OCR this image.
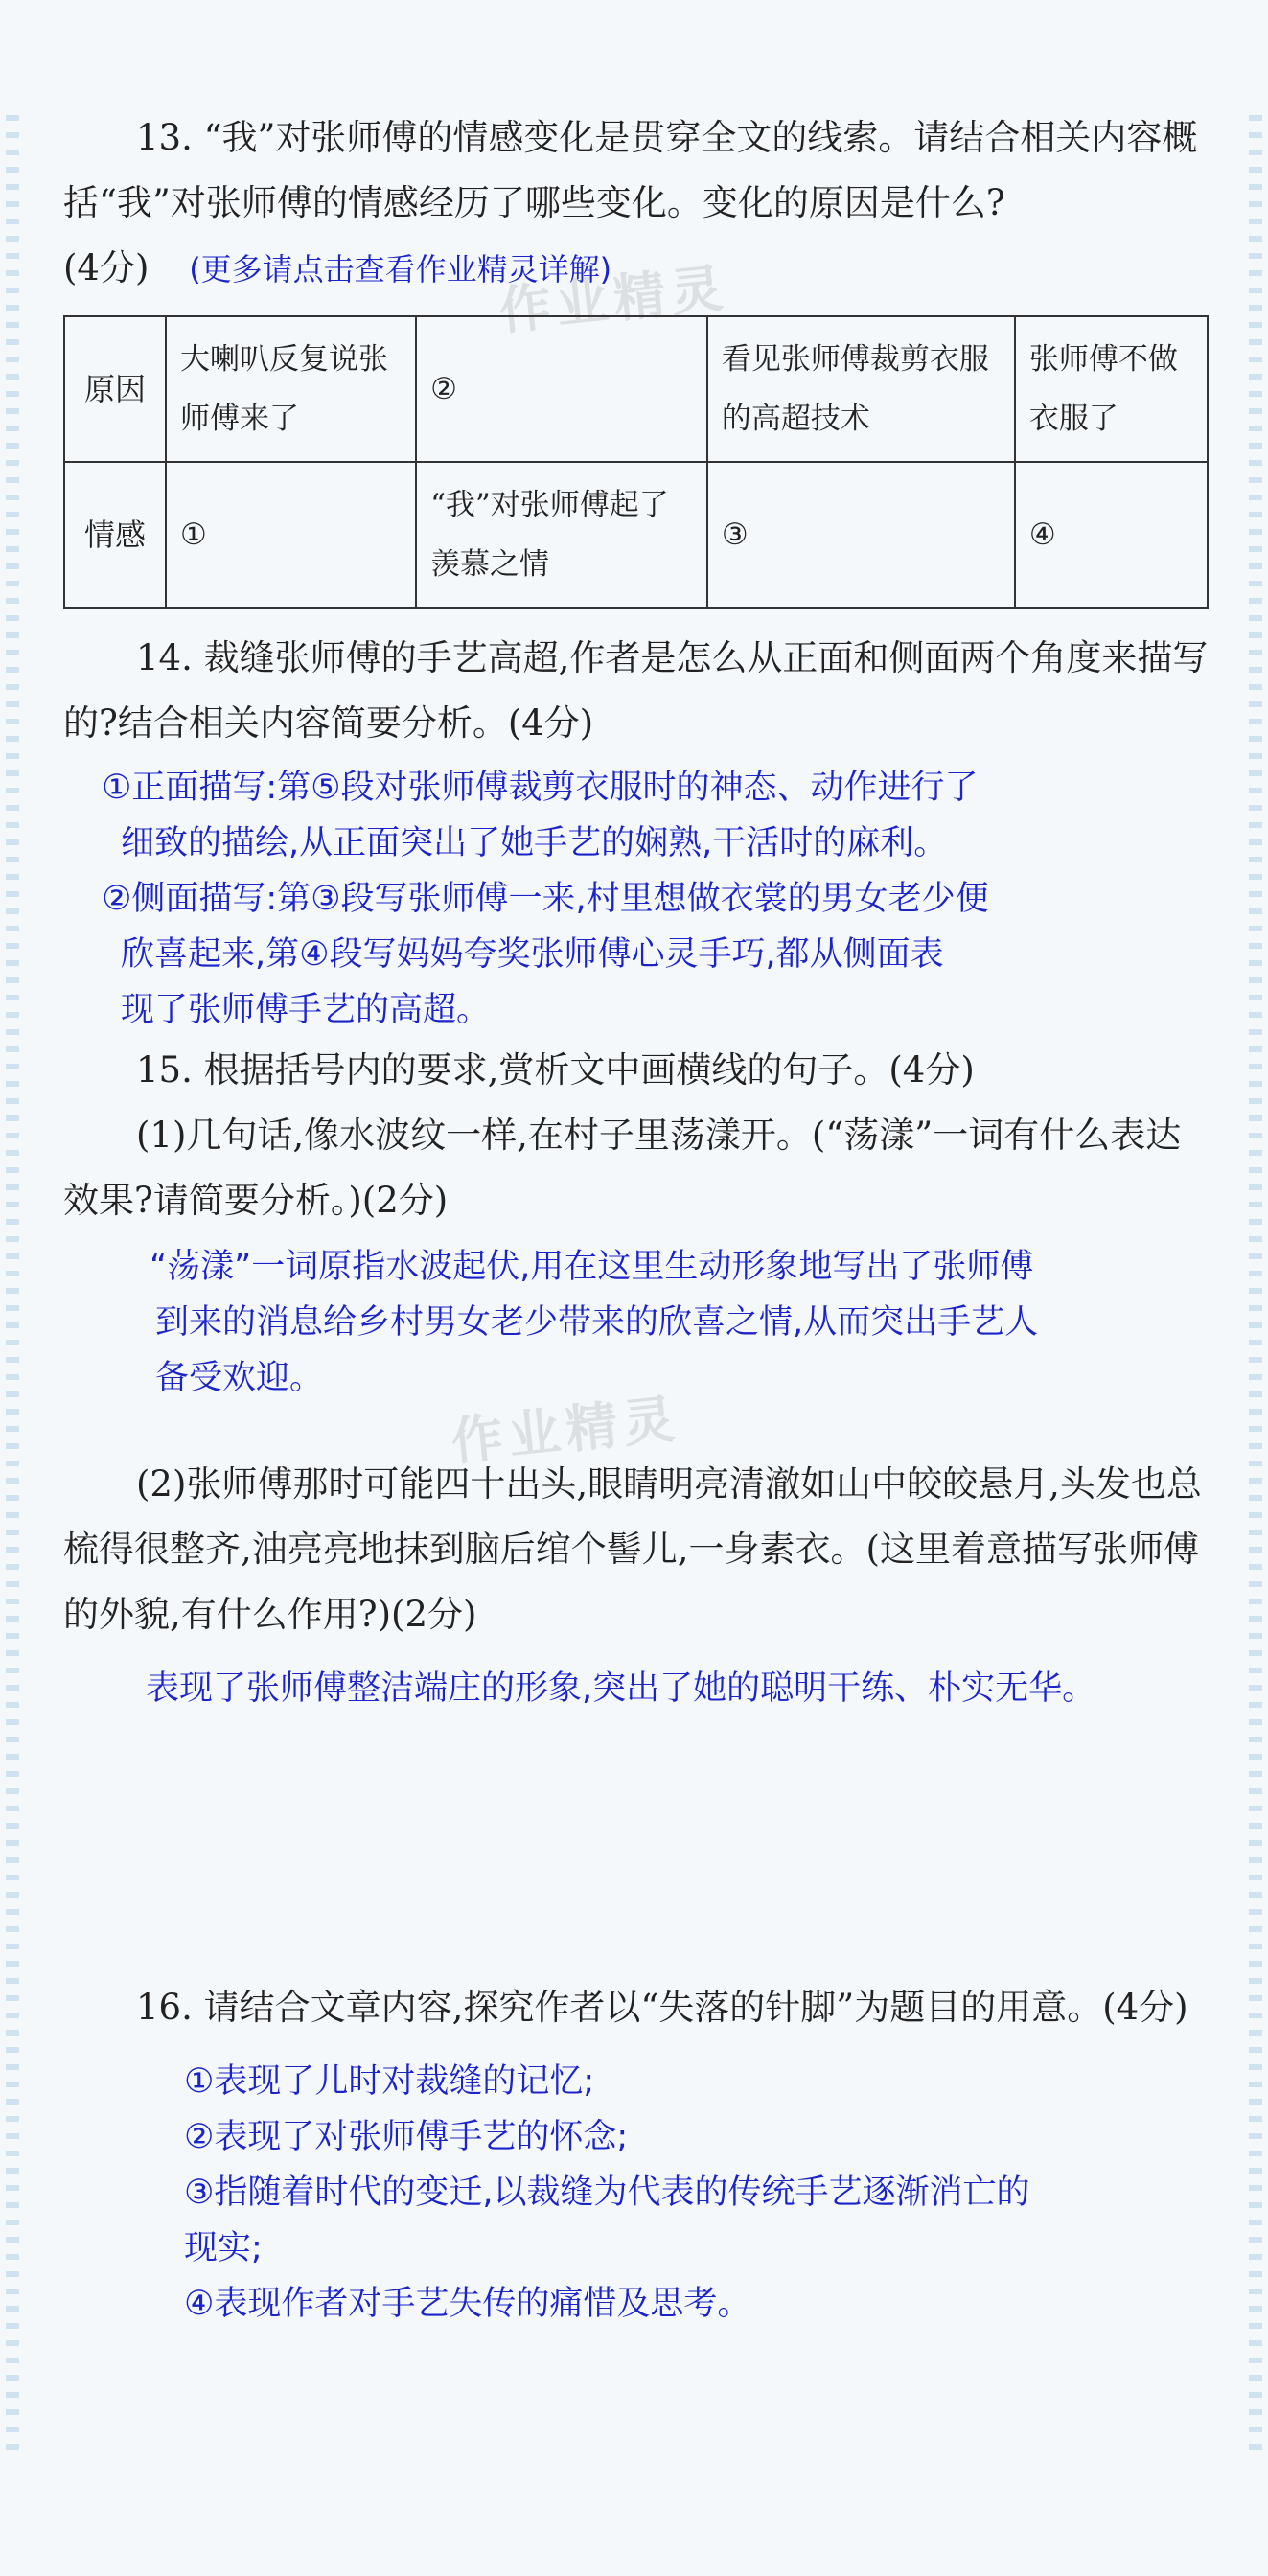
作业精灵
作业精灵

13. “我”对张师傅的情感变化是贯穿全文的线索。请结合相关内容概括“我”对张师傅的情感经历了哪些变化。变化的原因是什么?

(4分) (更多请点击查看作业精灵详解)

原因	大喇叭反复说张师傅来了	②	看见张师傅裁剪衣服的高超技术	张师傅不做衣服了
情感	①	“我”对张师傅起了羡慕之情	③	④

14. 裁缝张师傅的手艺高超,作者是怎么从正面和侧面两个角度来描写的?结合相关内容简要分析。(4分)

①正面描写:第⑤段对张师傅裁剪衣服时的神态、动作进行了

细致的描绘,从正面突出了她手艺的娴熟,干活时的麻利。

②侧面描写:第③段写张师傅一来,村里想做衣裳的男女老少便

欣喜起来,第④段写妈妈夸奖张师傅心灵手巧,都从侧面表

现了张师傅手艺的高超。

15. 根据括号内的要求,赏析文中画横线的句子。(4分)

(1)几句话,像水波纹一样,在村子里荡漾开。(“荡漾”一词有什么表达效果?请简要分析。)(2分)

“荡漾”一词原指水波起伏,用在这里生动形象地写出了张师傅

到来的消息给乡村男女老少带来的欣喜之情,从而突出手艺人

备受欢迎。

(2)张师傅那时可能四十出头,眼睛明亮清澈如山中皎皎悬月,头发也总梳得很整齐,油亮亮地抹到脑后绾个髻儿,一身素衣。(这里着意描写张师傅的外貌,有什么作用?)(2分)

表现了张师傅整洁端庄的形象,突出了她的聪明干练、朴实无华。

16. 请结合文章内容,探究作者以“失落的针脚”为题目的用意。(4分)

①表现了儿时对裁缝的记忆;

②表现了对张师傅手艺的怀念;

③指随着时代的变迁,以裁缝为代表的传统手艺逐渐消亡的

现实;

④表现作者对手艺失传的痛惜及思考。
